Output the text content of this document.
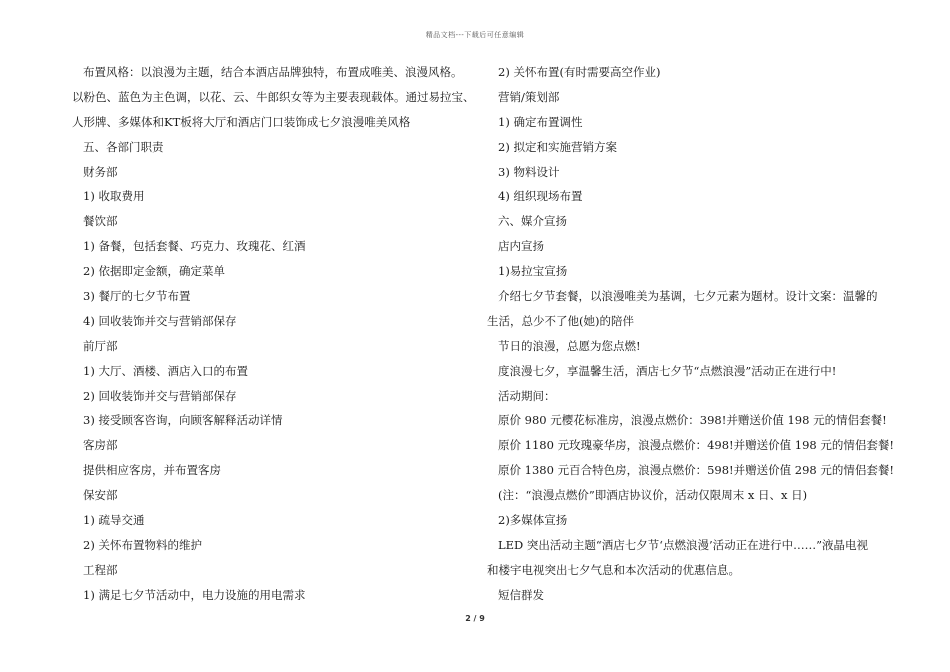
精品文档---下载后可任意编辑
布置风格：以浪漫为主题，结合本酒店品牌独特，布置成唯美、浪漫风格。
以粉色、蓝色为主色调，以花、云、牛郎织女等为主要表现载体。通过易拉宝、
人形牌、多媒体和KT板将大厅和酒店门口装饰成七夕浪漫唯美风格
五、各部门职责
财务部
1) 收取费用
餐饮部
1) 备餐，包括套餐、巧克力、玫瑰花、红酒
2) 依据即定金额，确定菜单
3) 餐厅的七夕节布置
4) 回收装饰并交与营销部保存
前厅部
1) 大厅、酒楼、酒店入口的布置
2) 回收装饰并交与营销部保存
3) 接受顾客咨询，向顾客解释活动详情
客房部
提供相应客房，并布置客房
保安部
1) 疏导交通
2) 关怀布置物料的维护
工程部
1) 满足七夕节活动中，电力设施的用电需求
2) 关怀布置(有时需要高空作业)
营销/策划部
1) 确定布置调性
2) 拟定和实施营销方案
3) 物料设计
4) 组织现场布置
六、媒介宣扬
店内宣扬
1)易拉宝宣扬
介绍七夕节套餐，以浪漫唯美为基调，七夕元素为题材。设计文案：温馨的
生活，总少不了他(她)的陪伴
节日的浪漫，总愿为您点燃!
度浪漫七夕，享温馨生活，酒店七夕节“点燃浪漫”活动正在进行中!
活动期间：
原价 980 元樱花标准房，浪漫点燃价：398!并赠送价值 198 元的情侣套餐!
原价 1180 元玫瑰豪华房，浪漫点燃价：498!并赠送价值 198 元的情侣套餐!
原价 1380 元百合特色房，浪漫点燃价：598!并赠送价值 298 元的情侣套餐!
(注：“浪漫点燃价”即酒店协议价，活动仅限周末 x 日、x 日)
2)多媒体宣扬
LED 突出活动主题“酒店七夕节‘点燃浪漫’活动正在进行中……”液晶电视
和楼宇电视突出七夕气息和本次活动的优惠信息。
短信群发
2 / 9
